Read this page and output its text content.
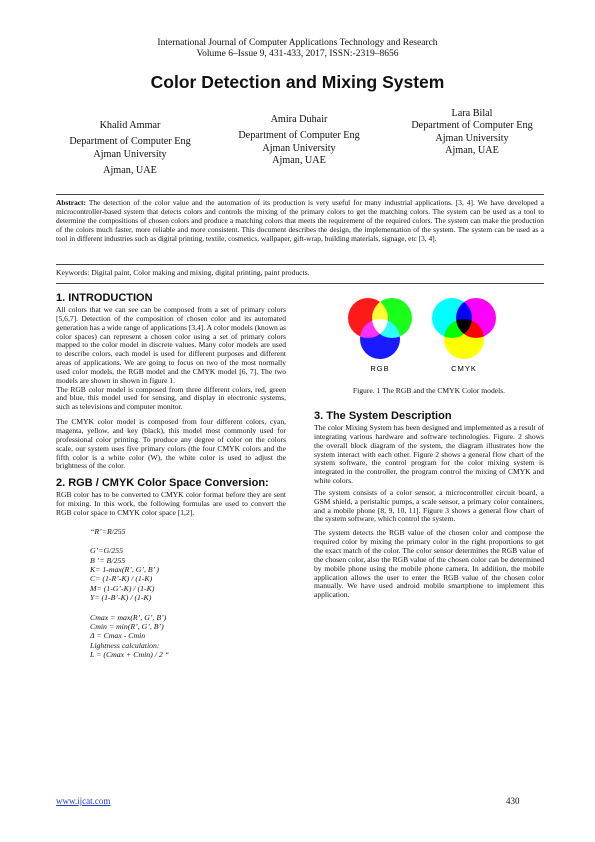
International Journal of Computer Applications Technology and Research
Volume 6–Issue 9, 431-433, 2017, ISSN:-2319–8656
Color Detection and Mixing System
Khalid Ammar
Department of Computer Eng
Ajman University
Ajman, UAE
Amira Duhair
Department of Computer Eng
Ajman University
Ajman, UAE
Lara Bilal
Department of Computer Eng
Ajman University
Ajman, UAE
Abstract: The detection of the color value and the automation of its production is very useful for many industrial applications. [3, 4]. We have developed a microcontroller-based system that detects colors and controls the mixing of the primary colors to get the matching colors. The system can be used as a tool to determine the compositions of chosen colors and produce a matching colors that meets the requirement of the required colors. The system can make the production of the colors much faster, more reliable and more consistent. This document describes the design, the implementation of the system. The system can be used as a tool in different industries such as digital printing, textile, cosmetics, wallpaper, gift-wrap, building materials, signage, etc [3, 4].
Keywords: Digital paint, Color making and mixing, digital printing, paint products.
1. INTRODUCTION

All colors that we can see can be composed from a set of primary colors [5,6,7]. Detection of the composition of chosen color and its automated generation has a wide range of applications [3,4]. A color models (known as color spaces) can represent a chosen color using a set of primary colors mapped to the color model in discrete values. Many color models are used to describe colors, each model is used for different purposes and different areas of applications. We are going to focus on two of the most normally used color models, the RGB model and the CMYK model [6, 7]. The two models are shown in shown in figure 1.

The RGB color model is composed from three different colors, red, green and blue, this model used for sensing, and display in electronic systems, such as televisions and computer monitor.

The CMYK color model is composed from four different colors, cyan, magenta, yellow, and key (black), this model most commonly used for professional color printing. To produce any degree of color on the colors scale, our system uses five primary colors (the four CMYK colors and the fifth color is a white color (W), the white color is used to adjust the brightness of the color.

2. RGB / CMYK Color Space Conversion:

RGB color has to be converted to CMYK color format before they are sent for mixing. In this work, the following formulas are used to convert the RGB color space to CMYK color space [1,2].

“R’=R/255
G’=G/255
B ’= B/255
K= 1-max(R’, G’, B’ )
C= (1-R’-K) / (1-K)
M= (1-G’-K) / (1-K)
Y= (1-B’-K) / (1-K)
Cmax = max(R’, G’, B’)
Cmin = min(R’, G’, B’)
Δ = Cmax - Cmin
Lightness calculation:
L = (Cmax + Cmin) / 2 “
RGB	CMYK
Figure. 1 The RGB and the CMYK Color models.
3. The System Description

The color Mixing System has been designed and implemented as a result of integrating various hardware and software technologies. Figure. 2 shows the overall block diagram of the system, the diagram illustrates how the system interact with each other. Figure 2 shows a general flow chart of the system software, the control program for the color mixing system is integrated in the controller, the program control the mixing of CMYK and white colors.

The system consists of a color sensor, a microcontroller circuit board, a GSM shield, a peristaltic pumps, a scale sensor, a primary color containers, and a mobile phone [8, 9, 10, 11]. Figure 3 shows a general flow chart of the system software, which control the system.

The system detects the RGB value of the chosen color and compose the required color by mixing the primary color in the right proportions to get the exact match of the color. The color sensor determines the RGB value of the chosen color, also the RGB value of the chosen color can be determined by mobile phone using the mobile phone camera. In addition, the mobile application allows the user to enter the RGB value of the chosen color manually. We have used android mobile smartphone to implement this application.

www.ijcat.com	430
